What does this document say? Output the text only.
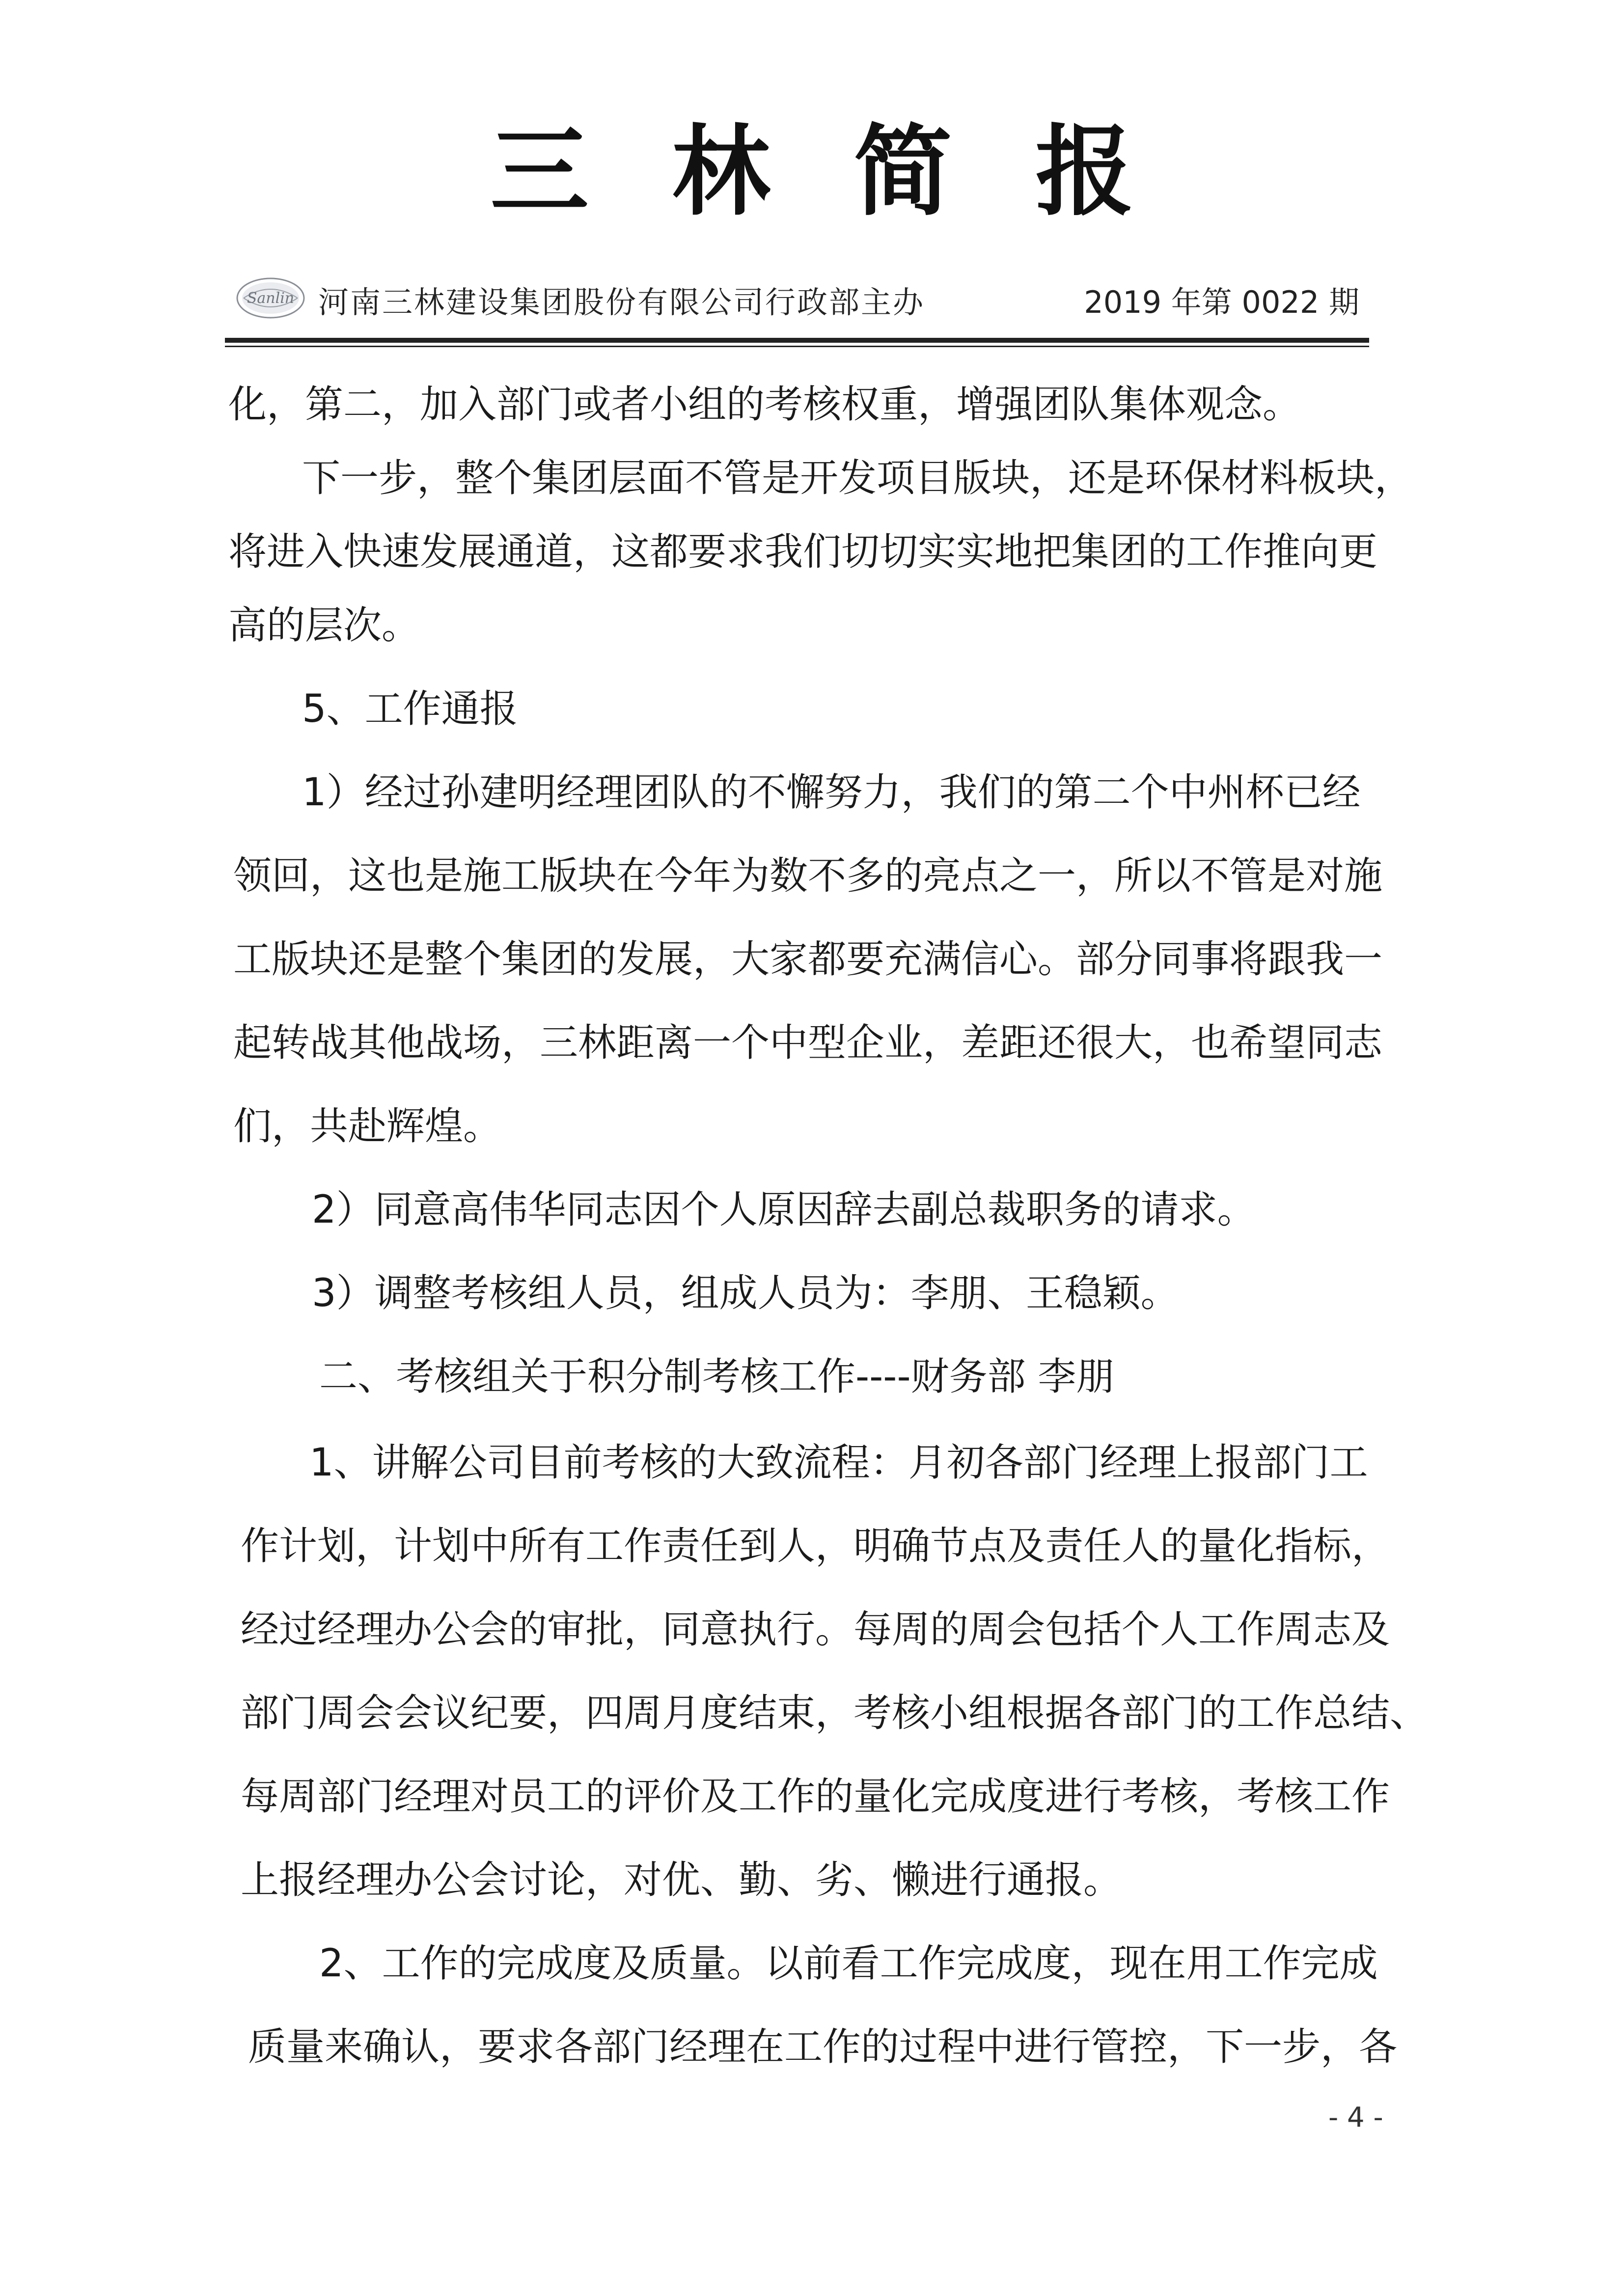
三林简报
Sanlin 河南三林建设集团股份有限公司行政部主办	2019 年第 0022 期
化，第二，加入部门或者小组的考核权重，增强团队集体观念。
下一步，整个集团层面不管是开发项目版块，还是环保材料板块，
将进入快速发展通道，这都要求我们切切实实地把集团的工作推向更
高的层次。
5、工作通报
1）经过孙建明经理团队的不懈努力，我们的第二个中州杯已经
领回，这也是施工版块在今年为数不多的亮点之一，所以不管是对施
工版块还是整个集团的发展，大家都要充满信心。部分同事将跟我一
起转战其他战场，三林距离一个中型企业，差距还很大，也希望同志
们，共赴辉煌。
2）同意高伟华同志因个人原因辞去副总裁职务的请求。
3）调整考核组人员，组成人员为：李朋、王稳颖。
二、考核组关于积分制考核工作----财务部 李朋
1、讲解公司目前考核的大致流程：月初各部门经理上报部门工
作计划，计划中所有工作责任到人，明确节点及责任人的量化指标，
经过经理办公会的审批，同意执行。每周的周会包括个人工作周志及
部门周会会议纪要，四周月度结束，考核小组根据各部门的工作总结、
每周部门经理对员工的评价及工作的量化完成度进行考核，考核工作
上报经理办公会讨论，对优、勤、劣、懒进行通报。
2、工作的完成度及质量。以前看工作完成度，现在用工作完成
质量来确认，要求各部门经理在工作的过程中进行管控，下一步，各
- 4 -
